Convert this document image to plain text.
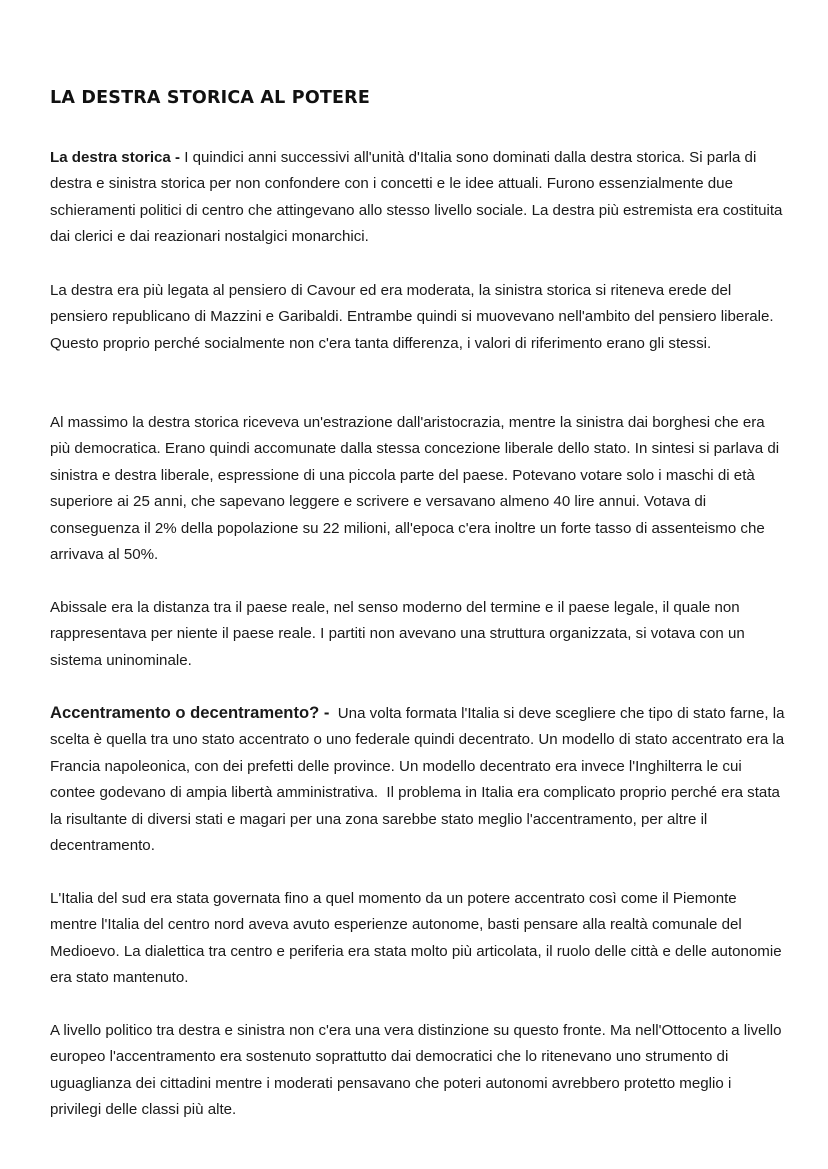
LA DESTRA STORICA AL POTERE

La destra storica - I quindici anni successivi all'unità d'Italia sono dominati dalla destra storica. Si parla di destra e sinistra storica per non confondere con i concetti e le idee attuali. Furono essenzialmente due schieramenti politici di centro che attingevano allo stesso livello sociale. La destra più estremista era costituita dai clerici e dai reazionari nostalgici monarchici.

La destra era più legata al pensiero di Cavour ed era moderata, la sinistra storica si riteneva erede del pensiero republicano di Mazzini e Garibaldi. Entrambe quindi si muovevano nell'ambito del pensiero liberale. Questo proprio perché socialmente non c'era tanta differenza, i valori di riferimento erano gli stessi.

Al massimo la destra storica riceveva un'estrazione dall'aristocrazia, mentre la sinistra dai borghesi che era più democratica. Erano quindi accomunate dalla stessa concezione liberale dello stato. In sintesi si parlava di sinistra e destra liberale, espressione di una piccola parte del paese. Potevano votare solo i maschi di età superiore ai 25 anni, che sapevano leggere e scrivere e versavano almeno 40 lire annui. Votava di conseguenza il 2% della popolazione su 22 milioni, all'epoca c'era inoltre un forte tasso di assenteismo che arrivava al 50%.

Abissale era la distanza tra il paese reale, nel senso moderno del termine e il paese legale, il quale non rappresentava per niente il paese reale. I partiti non avevano una struttura organizzata, si votava con un sistema uninominale.

Accentramento o decentramento? -  Una volta formata l'Italia si deve scegliere che tipo di stato farne, la scelta è quella tra uno stato accentrato o uno federale quindi decentrato. Un modello di stato accentrato era la Francia napoleonica, con dei prefetti delle province. Un modello decentrato era invece l'Inghilterra le cui contee godevano di ampia libertà amministrativa.  Il problema in Italia era complicato proprio perché era stata la risultante di diversi stati e magari per una zona sarebbe stato meglio l'accentramento, per altre il decentramento.

L'Italia del sud era stata governata fino a quel momento da un potere accentrato così come il Piemonte mentre l'Italia del centro nord aveva avuto esperienze autonome, basti pensare alla realtà comunale del Medioevo. La dialettica tra centro e periferia era stata molto più articolata, il ruolo delle città e delle autonomie era stato mantenuto.

A livello politico tra destra e sinistra non c'era una vera distinzione su questo fronte. Ma nell'Ottocento a livello europeo l'accentramento era sostenuto soprattutto dai democratici che lo ritenevano uno strumento di uguaglianza dei cittadini mentre i moderati pensavano che poteri autonomi avrebbero protetto meglio i privilegi delle classi più alte.
